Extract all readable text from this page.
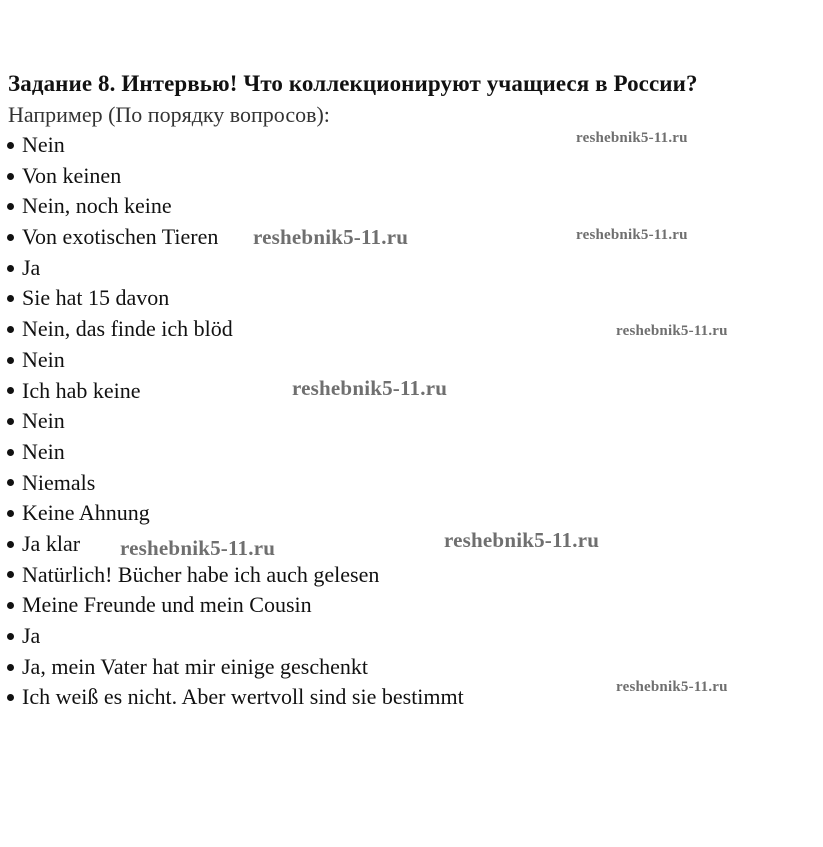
Задание 8. Интервью! Что коллекционируют учащиеся в России?
Например (По порядку вопросов):
Nein
Von keinen
Nein, noch keine
Von exotischen Tieren
Ja
Sie hat 15 davon
Nein, das finde ich blöd
Nein
Ich hab keine
Nein
Nein
Niemals
Keine Ahnung
Ja klar
Natürlich! Bücher habe ich auch gelesen
Meine Freunde und mein Cousin
Ja
Ja, mein Vater hat mir einige geschenkt
Ich weiß es nicht. Aber wertvoll sind sie bestimmt
reshebnik5-11.ru
reshebnik5-11.ru	reshebnik5-11.ru
reshebnik5-11.ru
reshebnik5-11.ru
reshebnik5-11.ru
reshebnik5-11.ru
reshebnik5-11.ru
